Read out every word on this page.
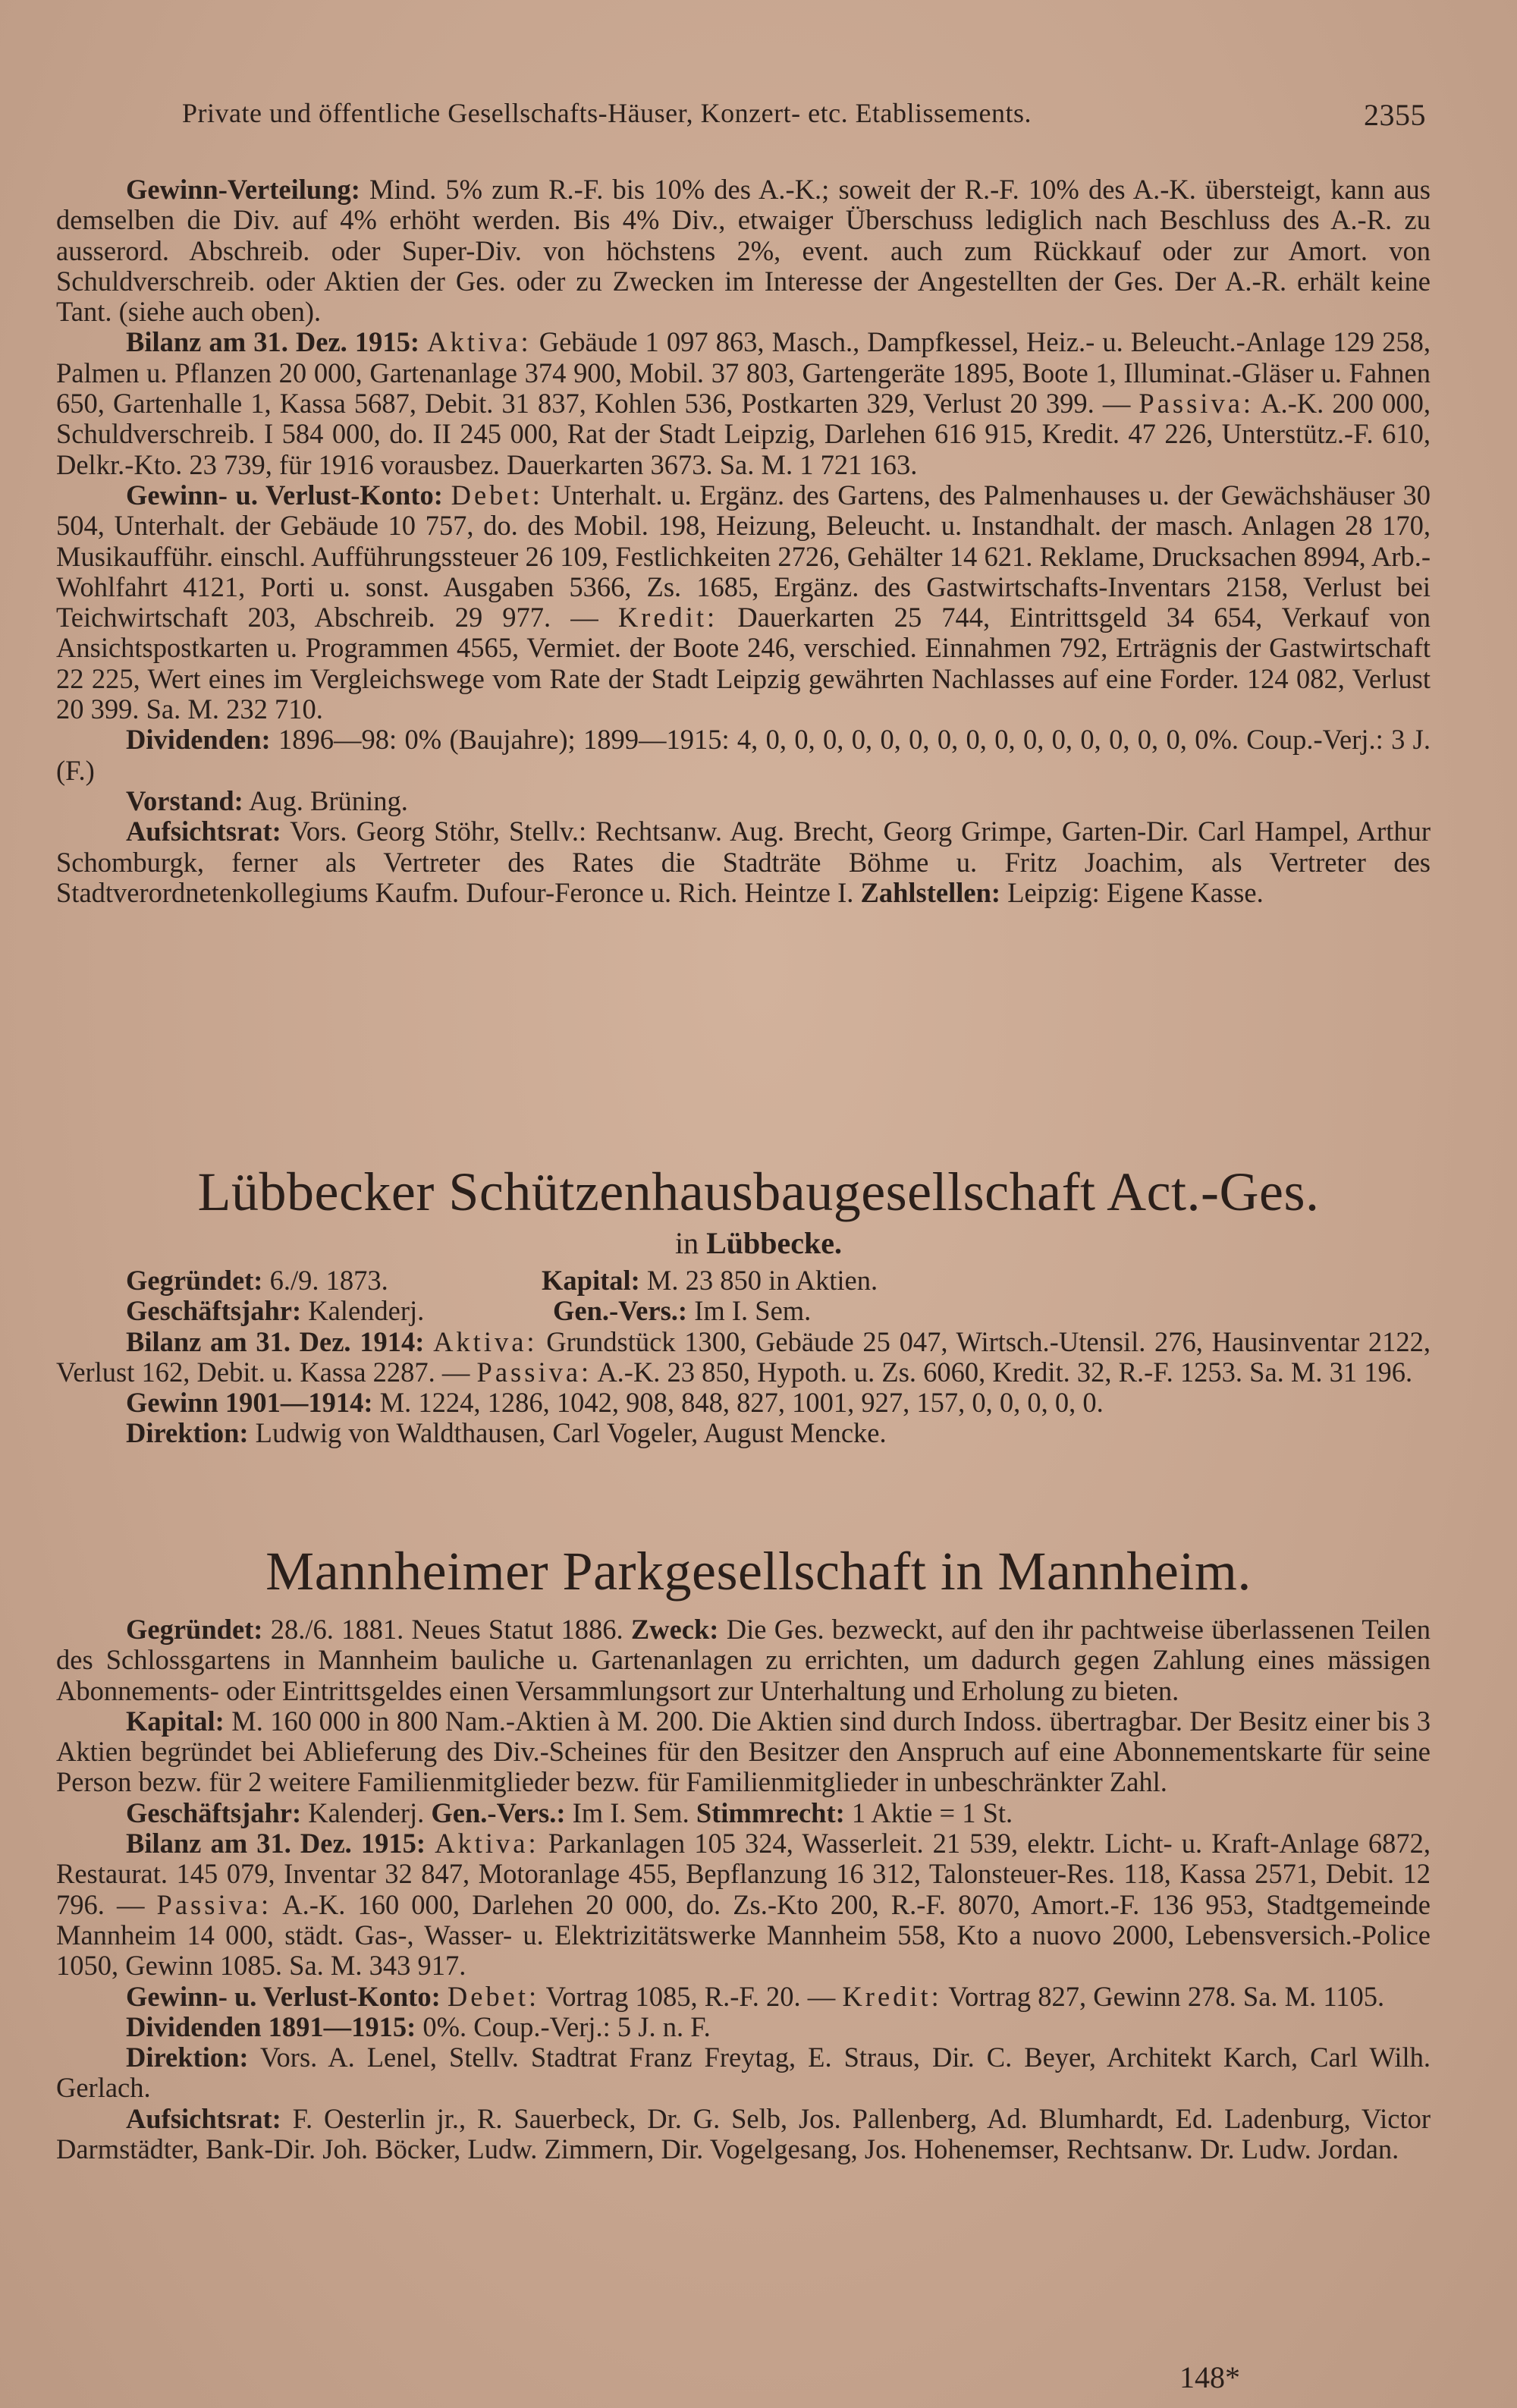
Private und öffentliche Gesellschafts-Häuser, Konzert- etc. Etablissements.	2355

Gewinn-Verteilung: Mind. 5% zum R.-F. bis 10% des A.-K.; soweit der R.-F. 10% des A.-K. übersteigt, kann aus demselben die Div. auf 4% erhöht werden. Bis 4% Div., etwaiger Überschuss lediglich nach Beschluss des A.-R. zu ausserord. Abschreib. oder Super-Div. von höchstens 2%, event. auch zum Rückkauf oder zur Amort. von Schuldverschreib. oder Aktien der Ges. oder zu Zwecken im Interesse der Angestellten der Ges. Der A.-R. erhält keine Tant. (siehe auch oben).

Bilanz am 31. Dez. 1915: Aktiva: Gebäude 1 097 863, Masch., Dampfkessel, Heiz.- u. Beleucht.-Anlage 129 258, Palmen u. Pflanzen 20 000, Gartenanlage 374 900, Mobil. 37 803, Gartengeräte 1895, Boote 1, Illuminat.-Gläser u. Fahnen 650, Gartenhalle 1, Kassa 5687, Debit. 31 837, Kohlen 536, Postkarten 329, Verlust 20 399. — Passiva: A.-K. 200 000, Schuldverschreib. I 584 000, do. II 245 000, Rat der Stadt Leipzig, Darlehen 616 915, Kredit. 47 226, Unterstütz.-F. 610, Delkr.-Kto. 23 739, für 1916 vorausbez. Dauerkarten 3673. Sa. M. 1 721 163.

Gewinn- u. Verlust-Konto: Debet: Unterhalt. u. Ergänz. des Gartens, des Palmenhauses u. der Gewächshäuser 30 504, Unterhalt. der Gebäude 10 757, do. des Mobil. 198, Heizung, Beleucht. u. Instandhalt. der masch. Anlagen 28 170, Musikaufführ. einschl. Aufführungssteuer 26 109, Festlichkeiten 2726, Gehälter 14 621. Reklame, Drucksachen 8994, Arb.-Wohlfahrt 4121, Porti u. sonst. Ausgaben 5366, Zs. 1685, Ergänz. des Gastwirtschafts-Inventars 2158, Verlust bei Teichwirtschaft 203, Abschreib. 29 977. — Kredit: Dauerkarten 25 744, Eintrittsgeld 34 654, Verkauf von Ansichtspostkarten u. Programmen 4565, Vermiet. der Boote 246, verschied. Einnahmen 792, Erträgnis der Gastwirtschaft 22 225, Wert eines im Vergleichswege vom Rate der Stadt Leipzig gewährten Nachlasses auf eine Forder. 124 082, Verlust 20 399. Sa. M. 232 710.

Dividenden: 1896—98: 0% (Baujahre); 1899—1915: 4, 0, 0, 0, 0, 0, 0, 0, 0, 0, 0, 0, 0, 0, 0, 0, 0%. Coup.-Verj.: 3 J. (F.)

Vorstand: Aug. Brüning.

Aufsichtsrat: Vors. Georg Stöhr, Stellv.: Rechtsanw. Aug. Brecht, Georg Grimpe, Garten-Dir. Carl Hampel, Arthur Schomburgk, ferner als Vertreter des Rates die Stadträte Böhme u. Fritz Joachim, als Vertreter des Stadtverordnetenkollegiums Kaufm. Dufour-Feronce u. Rich. Heintze I. Zahlstellen: Leipzig: Eigene Kasse.

Lübbecker Schützenhausbaugesellschaft Act.-Ges.
in Lübbecke.

Gegründet: 6./9. 1873.	Kapital: M. 23 850 in Aktien.

Geschäftsjahr: Kalenderj.	Gen.-Vers.: Im I. Sem.

Bilanz am 31. Dez. 1914: Aktiva: Grundstück 1300, Gebäude 25 047, Wirtsch.-Utensil. 276, Hausinventar 2122, Verlust 162, Debit. u. Kassa 2287. — Passiva: A.-K. 23 850, Hypoth. u. Zs. 6060, Kredit. 32, R.-F. 1253. Sa. M. 31 196.

Gewinn 1901—1914: M. 1224, 1286, 1042, 908, 848, 827, 1001, 927, 157, 0, 0, 0, 0, 0.

Direktion: Ludwig von Waldthausen, Carl Vogeler, August Mencke.

Mannheimer Parkgesellschaft in Mannheim.

Gegründet: 28./6. 1881. Neues Statut 1886. Zweck: Die Ges. bezweckt, auf den ihr pachtweise überlassenen Teilen des Schlossgartens in Mannheim bauliche u. Gartenanlagen zu errichten, um dadurch gegen Zahlung eines mässigen Abonnements- oder Eintrittsgeldes einen Versammlungsort zur Unterhaltung und Erholung zu bieten.

Kapital: M. 160 000 in 800 Nam.-Aktien à M. 200. Die Aktien sind durch Indoss. übertragbar. Der Besitz einer bis 3 Aktien begründet bei Ablieferung des Div.-Scheines für den Besitzer den Anspruch auf eine Abonnementskarte für seine Person bezw. für 2 weitere Familienmitglieder bezw. für Familienmitglieder in unbeschränkter Zahl.

Geschäftsjahr: Kalenderj. Gen.-Vers.: Im I. Sem. Stimmrecht: 1 Aktie = 1 St.

Bilanz am 31. Dez. 1915: Aktiva: Parkanlagen 105 324, Wasserleit. 21 539, elektr. Licht- u. Kraft-Anlage 6872, Restaurat. 145 079, Inventar 32 847, Motoranlage 455, Bepflanzung 16 312, Talonsteuer-Res. 118, Kassa 2571, Debit. 12 796. — Passiva: A.-K. 160 000, Darlehen 20 000, do. Zs.-Kto 200, R.-F. 8070, Amort.-F. 136 953, Stadtgemeinde Mannheim 14 000, städt. Gas-, Wasser- u. Elektrizitätswerke Mannheim 558, Kto a nuovo 2000, Lebensversich.-Police 1050, Gewinn 1085. Sa. M. 343 917.

Gewinn- u. Verlust-Konto: Debet: Vortrag 1085, R.-F. 20. — Kredit: Vortrag 827, Gewinn 278. Sa. M. 1105.

Dividenden 1891—1915: 0%. Coup.-Verj.: 5 J. n. F.

Direktion: Vors. A. Lenel, Stellv. Stadtrat Franz Freytag, E. Straus, Dir. C. Beyer, Architekt Karch, Carl Wilh. Gerlach.

Aufsichtsrat: F. Oesterlin jr., R. Sauerbeck, Dr. G. Selb, Jos. Pallenberg, Ad. Blumhardt, Ed. Ladenburg, Victor Darmstädter, Bank-Dir. Joh. Böcker, Ludw. Zimmern, Dir. Vogelgesang, Jos. Hohenemser, Rechtsanw. Dr. Ludw. Jordan.

148*
